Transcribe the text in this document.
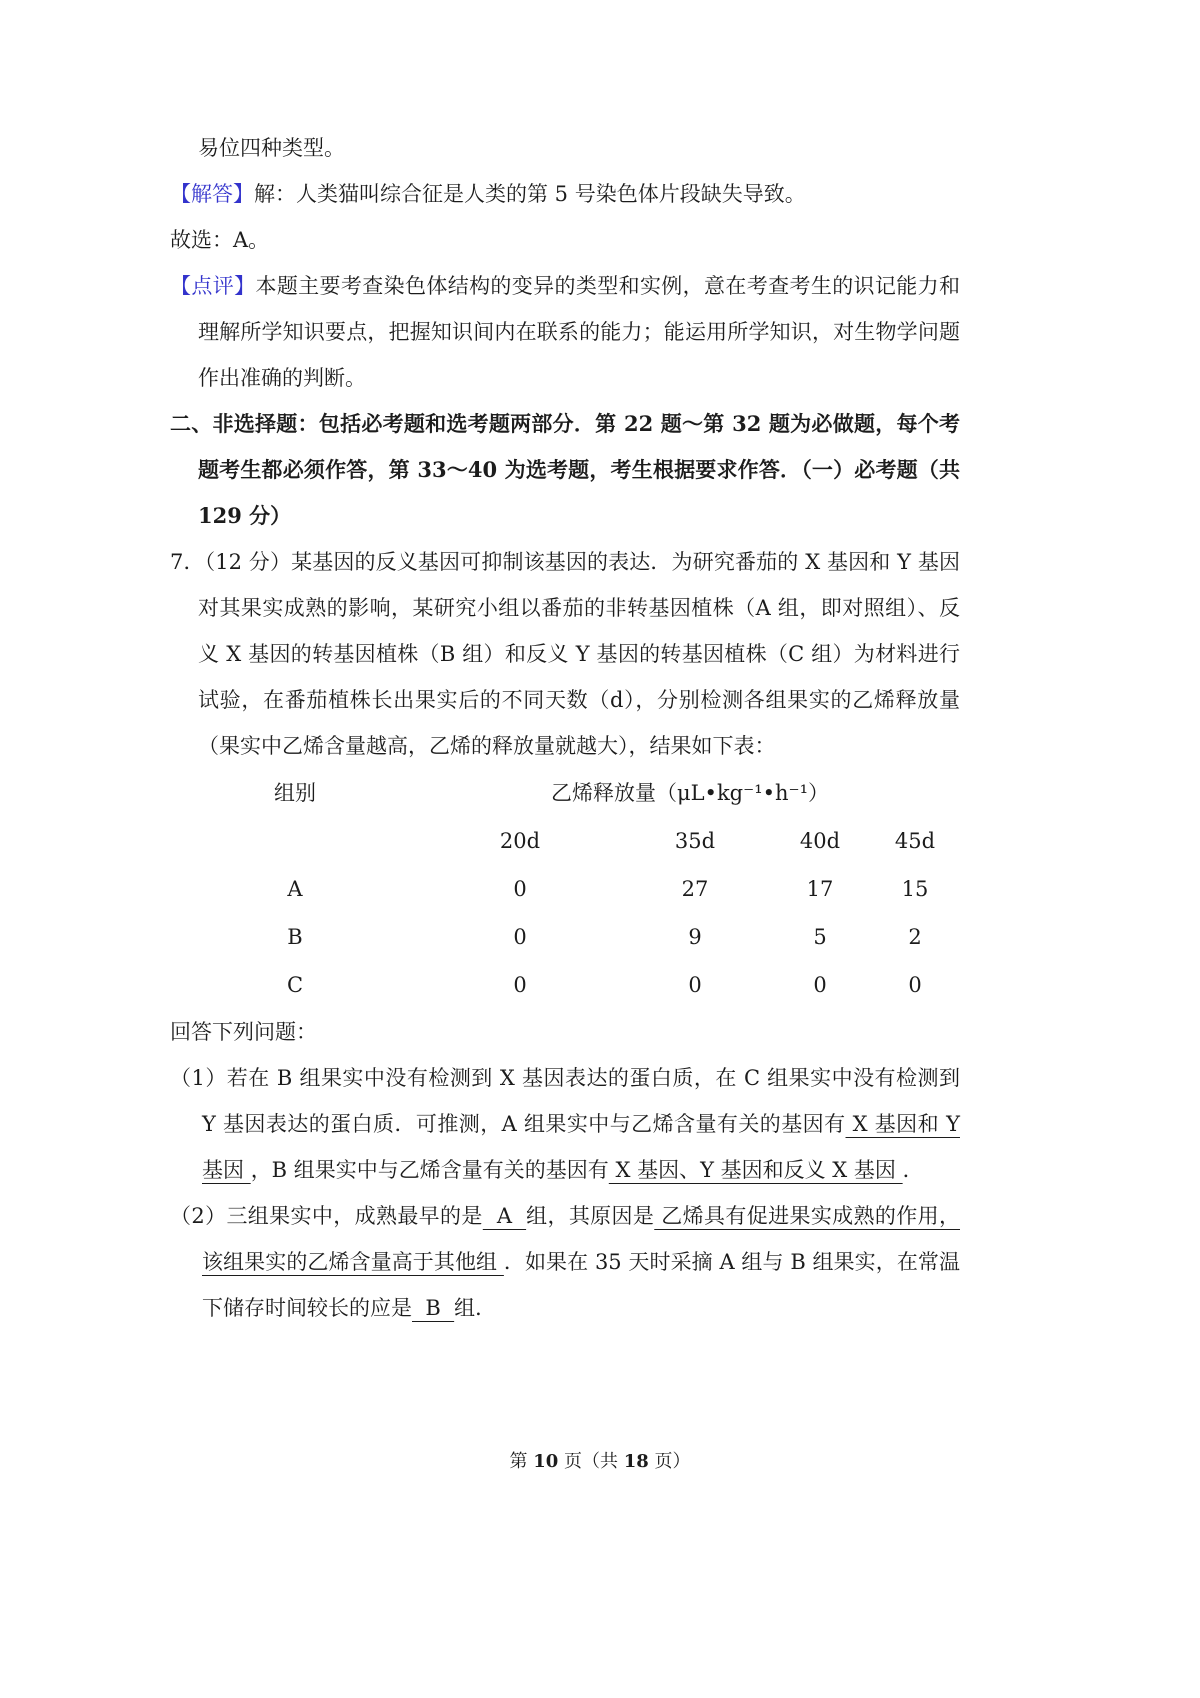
易位四种类型。

【解答】解：人类猫叫综合征是人类的第 5 号染色体片段缺失导致。

故选：A。

【点评】本题主要考查染色体结构的变异的类型和实例，意在考查考生的识记能力和理解所学知识要点，把握知识间内在联系的能力；能运用所学知识，对生物学问题作出准确的判断。

二、非选择题：包括必考题和选考题两部分．第 22 题～第 32 题为必做题，每个考题考生都必须作答，第 33～40 为选考题，考生根据要求作答．（一）必考题（共 129 分）

7．（12 分）某基因的反义基因可抑制该基因的表达．为研究番茄的 X 基因和 Y 基因对其果实成熟的影响，某研究小组以番茄的非转基因植株（A 组，即对照组）、反义 X 基因的转基因植株（B 组）和反义 Y 基因的转基因植株（C 组）为材料进行试验，在番茄植株长出果实后的不同天数（d），分别检测各组果实的乙烯释放量（果实中乙烯含量越高，乙烯的释放量就越大），结果如下表：

组别	乙烯释放量（μL•kg⁻¹•h⁻¹）			
	20d	35d	40d	45d
A	0	27	17	15
B	0	9	5	2
C	0	0	0	0

回答下列问题：

（1）若在 B 组果实中没有检测到 X 基因表达的蛋白质，在 C 组果实中没有检测到 Y 基因表达的蛋白质．可推测，A 组果实中与乙烯含量有关的基因有 X 基因和 Y 基因 ，B 组果实中与乙烯含量有关的基因有 X 基因、Y 基因和反义 X 基因 ．

（2）三组果实中，成熟最早的是  A  组，其原因是 乙烯具有促进果实成熟的作用，该组果实的乙烯含量高于其他组 ．如果在 35 天时采摘 A 组与 B 组果实，在常温下储存时间较长的应是  B  组．

第 10 页（共 18 页）
